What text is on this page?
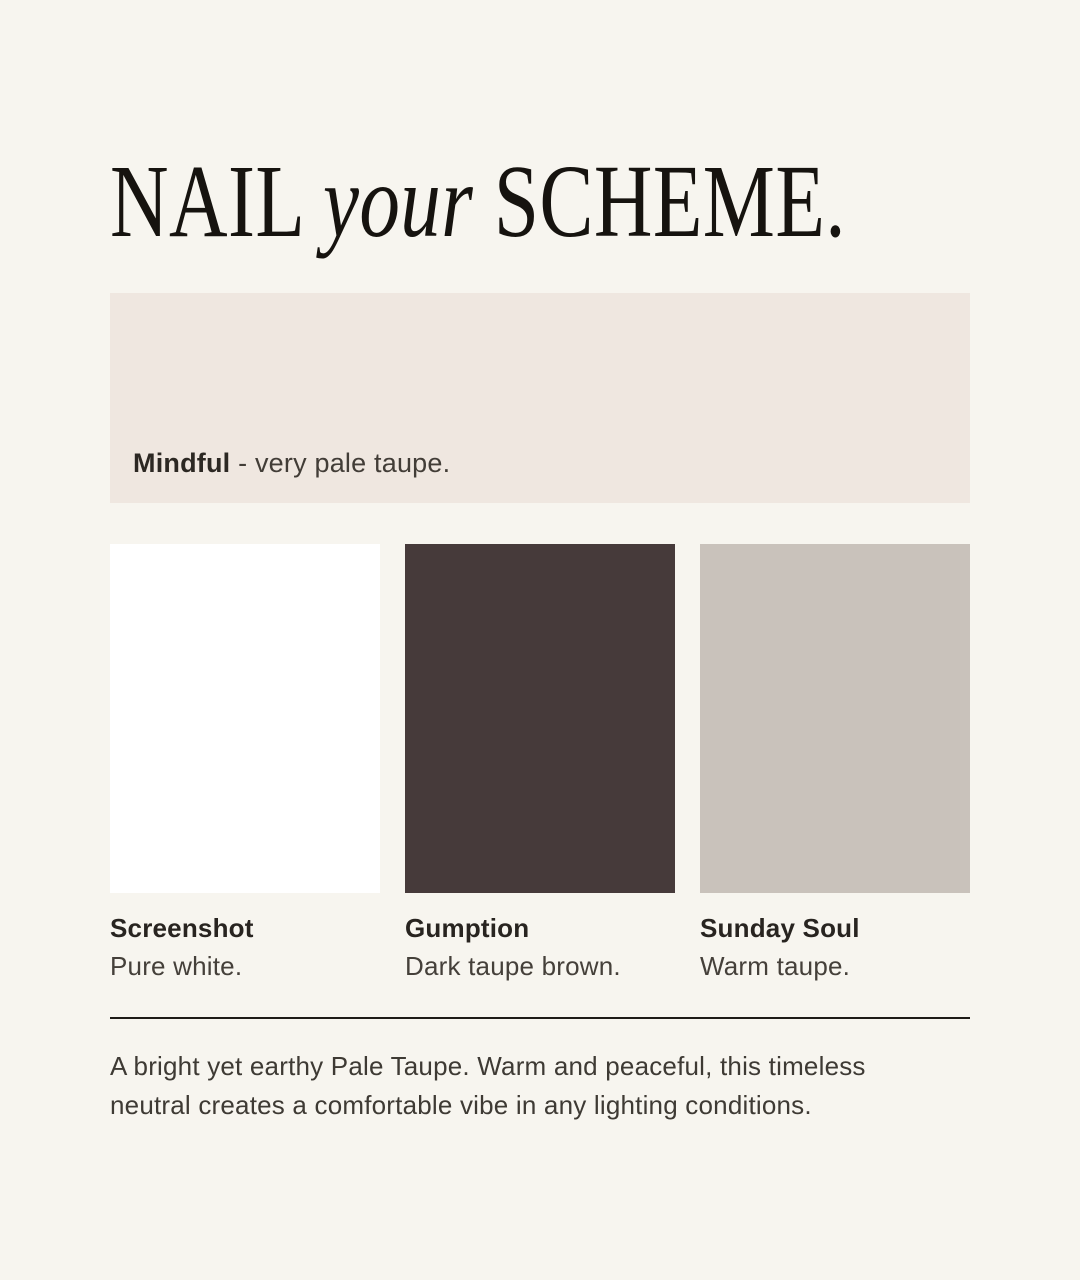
NAIL your SCHEME.

Mindful - very pale taupe.

Screenshot

Pure white.

Gumption

Dark taupe brown.

Sunday Soul

Warm taupe.

A bright yet earthy Pale Taupe. Warm and peaceful, this timeless
neutral creates a comfortable vibe in any lighting conditions.
